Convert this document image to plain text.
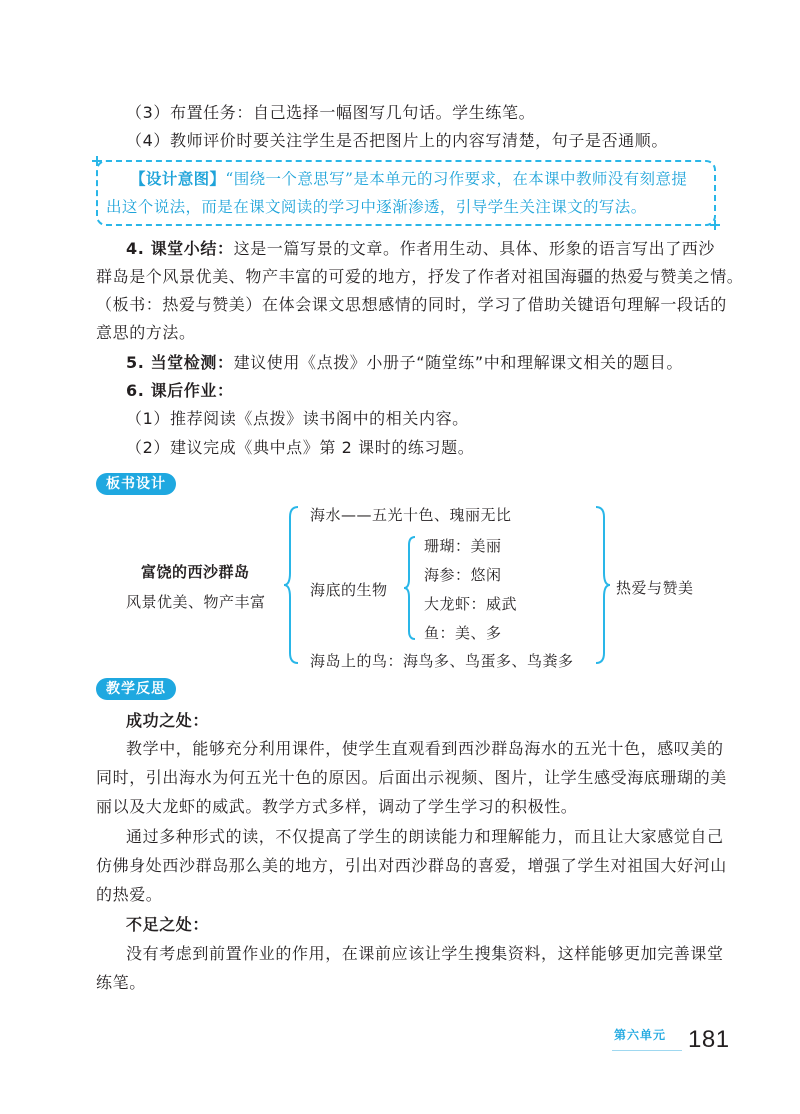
（3）布置任务：自己选择一幅图写几句话。学生练笔。
（4）教师评价时要关注学生是否把图片上的内容写清楚，句子是否通顺。
【设计意图】“围绕一个意思写”是本单元的习作要求，在本课中教师没有刻意提
出这个说法，而是在课文阅读的学习中逐渐渗透，引导学生关注课文的写法。
4. 课堂小结：这是一篇写景的文章。作者用生动、具体、形象的语言写出了西沙
群岛是个风景优美、物产丰富的可爱的地方，抒发了作者对祖国海疆的热爱与赞美之情。
（板书：热爱与赞美）在体会课文思想感情的同时，学习了借助关键语句理解一段话的
意思的方法。
5. 当堂检测：建议使用《点拨》小册子“随堂练”中和理解课文相关的题目。
6. 课后作业：
（1）推荐阅读《点拨》读书阁中的相关内容。
（2）建议完成《典中点》第 2 课时的练习题。
板书设计
富饶的西沙群岛
风景优美、物产丰富
海水——五光十色、瑰丽无比
海底的生物
珊瑚：美丽
海参：悠闲
大龙虾：威武
鱼：美、多
海岛上的鸟：海鸟多、鸟蛋多、鸟粪多
热爱与赞美
教学反思
成功之处：
教学中，能够充分利用课件，使学生直观看到西沙群岛海水的五光十色，感叹美的
同时，引出海水为何五光十色的原因。后面出示视频、图片，让学生感受海底珊瑚的美
丽以及大龙虾的威武。教学方式多样，调动了学生学习的积极性。
通过多种形式的读，不仅提高了学生的朗读能力和理解能力，而且让大家感觉自己
仿佛身处西沙群岛那么美的地方，引出对西沙群岛的喜爱，增强了学生对祖国大好河山
的热爱。
不足之处：
没有考虑到前置作业的作用，在课前应该让学生搜集资料，这样能够更加完善课堂
练笔。
第六单元 181
